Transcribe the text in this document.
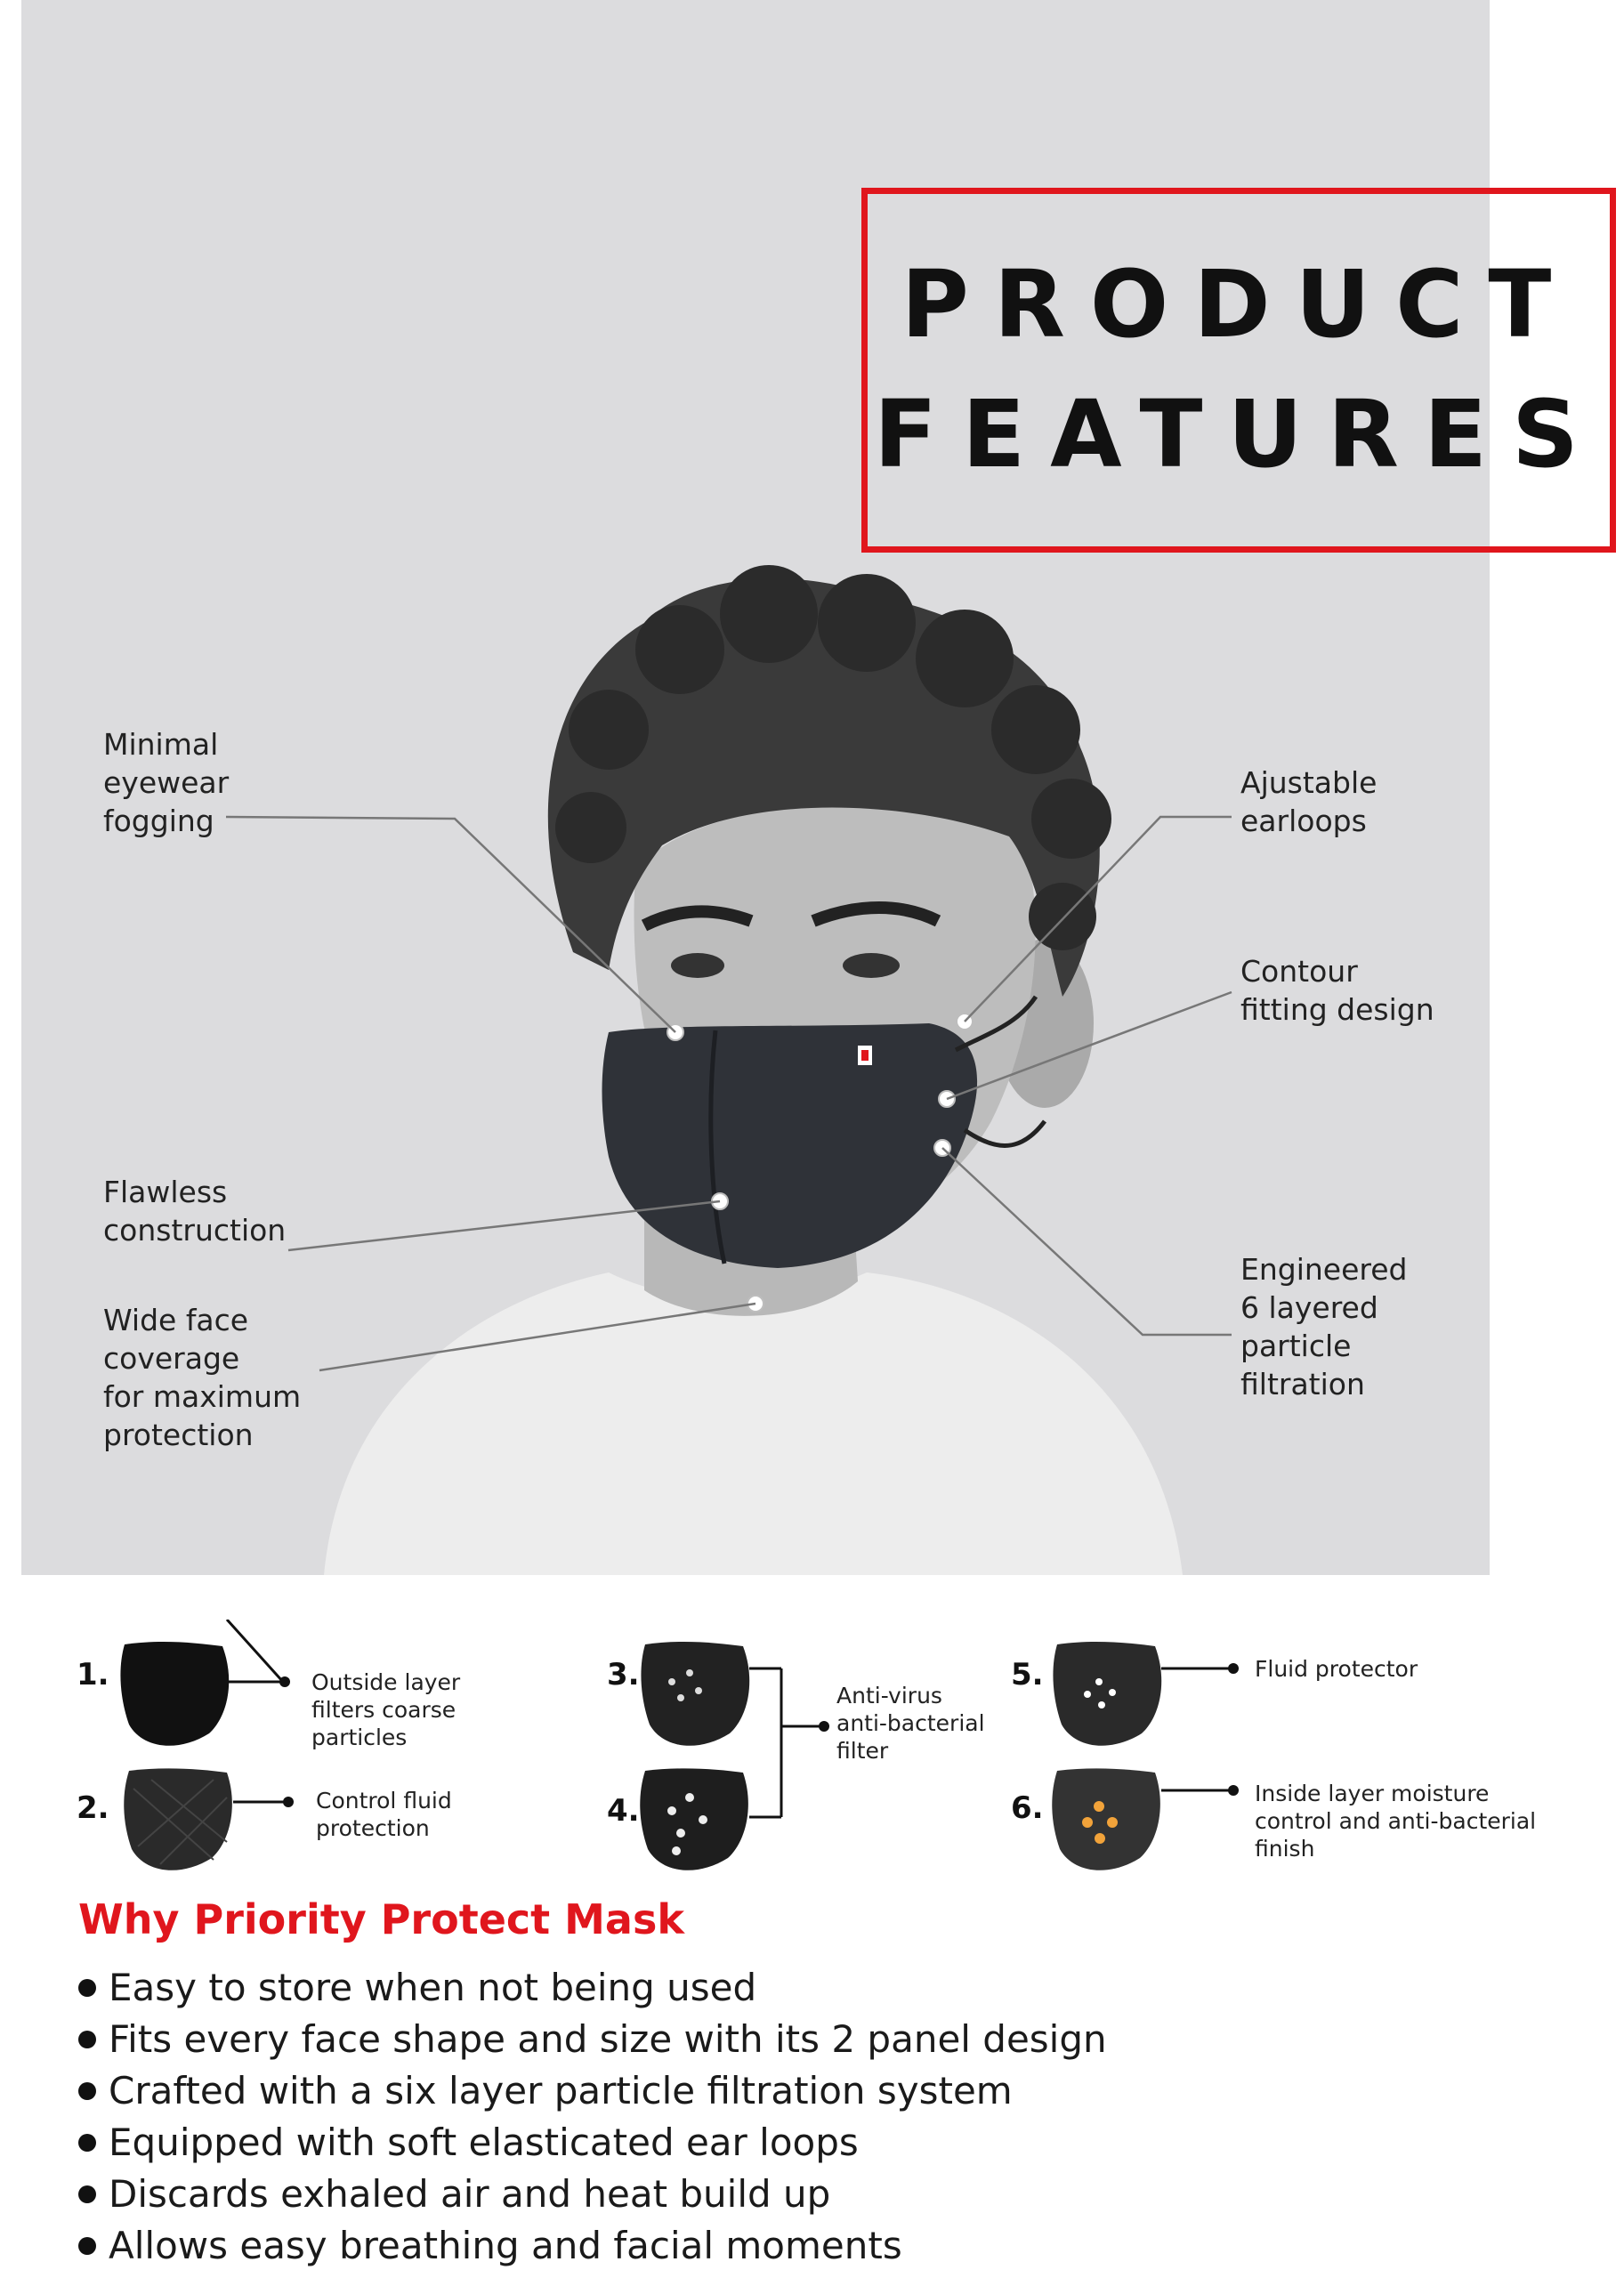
Minimal
eyewear
fogging
Ajustable
earloops
Contour
fitting design
Flawless
construction
Wide face
coverage
for maximum
protection
Engineered
6 layered
particle
filtration
PRODUCT
FEATURES
1.	Outside layer
filters coarse
particles
2.	Control fluid
protection
3.
4.
Anti-virus
anti-bacterial
filter
5.	Fluid protector
6.	Inside layer moisture
control and anti-bacterial
finish
Why Priority Protect Mask
Easy to store when not being used
Fits every face shape and size with its 2 panel design
Crafted with a six layer particle filtration system
Equipped with soft elasticated ear loops
Discards exhaled air and heat build up
Allows easy breathing and facial moments
